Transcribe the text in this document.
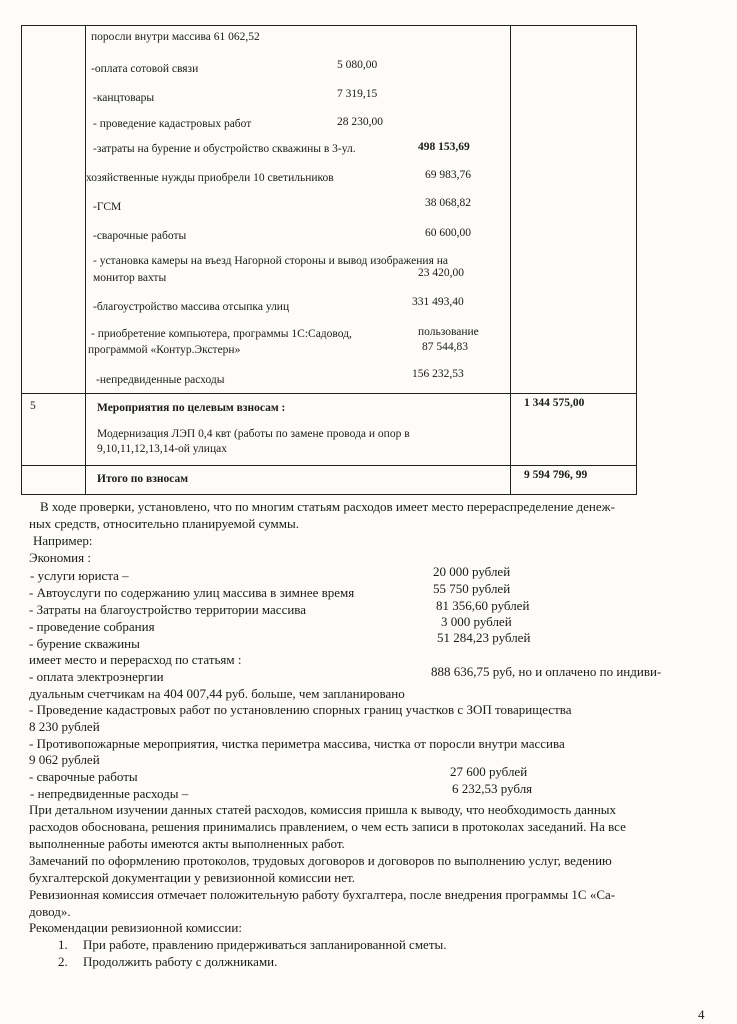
поросли внутри массива 61 062,52
-оплата сотовой связи	5 080,00
-канцтовары	7 319,15
- проведение кадастровых работ	28 230,00
-затраты на бурение и обустройство скважины в 3-ул.	498 153,69
хозяйственные нужды приобрели 10 светильников	69 983,76
-ГСМ	38 068,82
-сварочные работы	60 600,00
- установка камеры на въезд Нагорной стороны и вывод изображения на
монитор вахты	23 420,00
-благоустройство массива отсыпка улиц	331 493,40
- приобретение компьютера, программы 1С:Садовод,	пользование
программой «Контур.Экстерн»	87 544,83
-непредвиденные расходы	156 232,53
5	Мероприятия по целевым взносам :	1 344 575,00
Модернизация ЛЭП 0,4 квт (работы по замене провода и опор в
9,10,11,12,13,14-ой улицах
Итого по взносам	9 594 796, 99
В ходе проверки, установлено, что по многим статьям расходов имеет место перераспределение денеж-
ных средств, относительно планируемой суммы.
Например:
Экономия :
- услуги юриста –	20 000 рублей
- Автоуслуги по содержанию улиц массива в зимнее время	55 750 рублей
- Затраты на благоустройство территории массива	81 356,60 рублей
- проведение собрания	3 000 рублей
- бурение скважины	51 284,23 рублей
имеет место и перерасход по статьям :
- оплата электроэнергии	888 636,75 руб, но и оплачено по индиви-
дуальным счетчикам на 404 007,44 руб. больше, чем запланировано
- Проведение кадастровых работ по установлению спорных границ участков с ЗОП товарищества
8 230 рублей
- Противопожарные мероприятия, чистка периметра массива, чистка от поросли внутри массива
9 062 рублей
- сварочные работы	27 600 рублей
- непредвиденные расходы –	6 232,53 рубля
При детальном изучении данных статей расходов, комиссия пришла к выводу, что необходимость данных
расходов обоснована, решения принимались правлением, о чем есть записи в протоколах заседаний. На все
выполненные работы имеются акты выполненных работ.
Замечаний по оформлению протоколов, трудовых договоров и договоров по выполнению услуг, ведению
бухгалтерской документации у ревизионной комиссии нет.
Ревизионная комиссия отмечает положительную работу бухгалтера, после внедрения программы 1С «Са-
довод».
Рекомендации ревизионной комиссии:
1. При работе, правлению придерживаться запланированной сметы.
2. Продолжить работу с должниками.
4
